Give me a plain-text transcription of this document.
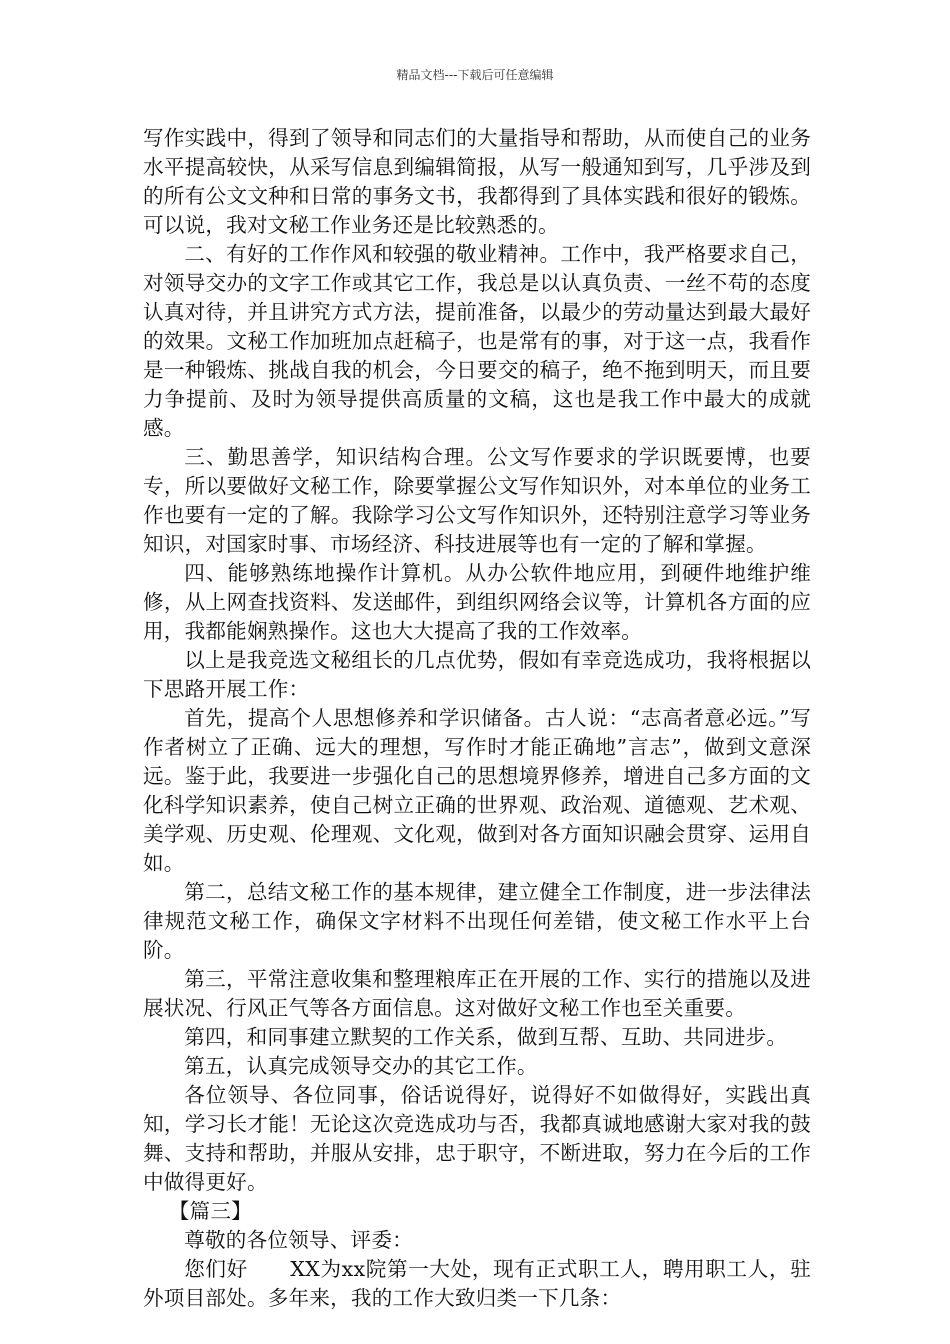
精品文档---下载后可任意编辑

写作实践中，得到了领导和同志们的大量指导和帮助，从而使自己的业务水平提高较快，从采写信息到编辑简报，从写一般通知到写，几乎涉及到的所有公文文种和日常的事务文书，我都得到了具体实践和很好的锻炼。可以说，我对文秘工作业务还是比较熟悉的。

二、有好的工作作风和较强的敬业精神。工作中，我严格要求自己，对领导交办的文字工作或其它工作，我总是以认真负责、一丝不苟的态度认真对待，并且讲究方式方法，提前准备，以最少的劳动量达到最大最好的效果。文秘工作加班加点赶稿子，也是常有的事，对于这一点，我看作是一种锻炼、挑战自我的机会，今日要交的稿子，绝不拖到明天，而且要力争提前、及时为领导提供高质量的文稿，这也是我工作中最大的成就感。

三、勤思善学，知识结构合理。公文写作要求的学识既要博，也要专，所以要做好文秘工作，除要掌握公文写作知识外，对本单位的业务工作也要有一定的了解。我除学习公文写作知识外，还特别注意学习等业务知识，对国家时事、市场经济、科技进展等也有一定的了解和掌握。

四、能够熟练地操作计算机。从办公软件地应用，到硬件地维护维修，从上网查找资料、发送邮件，到组织网络会议等，计算机各方面的应用，我都能娴熟操作。这也大大提高了我的工作效率。

以上是我竞选文秘组长的几点优势，假如有幸竞选成功，我将根据以下思路开展工作：

首先，提高个人思想修养和学识储备。古人说：“志高者意必远。”写作者树立了正确、远大的理想，写作时才能正确地”言志”，做到文意深远。鉴于此，我要进一步强化自己的思想境界修养，增进自己多方面的文化科学知识素养，使自己树立正确的世界观、政治观、道德观、艺术观、美学观、历史观、伦理观、文化观，做到对各方面知识融会贯穿、运用自如。

第二，总结文秘工作的基本规律，建立健全工作制度，进一步法律法律规范文秘工作，确保文字材料不出现任何差错，使文秘工作水平上台阶。

第三，平常注意收集和整理粮库正在开展的工作、实行的措施以及进展状况、行风正气等各方面信息。这对做好文秘工作也至关重要。

第四，和同事建立默契的工作关系，做到互帮、互助、共同进步。

第五，认真完成领导交办的其它工作。

各位领导、各位同事，俗话说得好，说得好不如做得好，实践出真知，学习长才能！无论这次竞选成功与否，我都真诚地感谢大家对我的鼓舞、支持和帮助，并服从安排，忠于职守，不断进取，努力在今后的工作中做得更好。

【篇三】

尊敬的各位领导、评委：

您们好　　XX为xx院第一大处，现有正式职工人，聘用职工人，驻外项目部处。多年来，我的工作大致归类一下几条：
